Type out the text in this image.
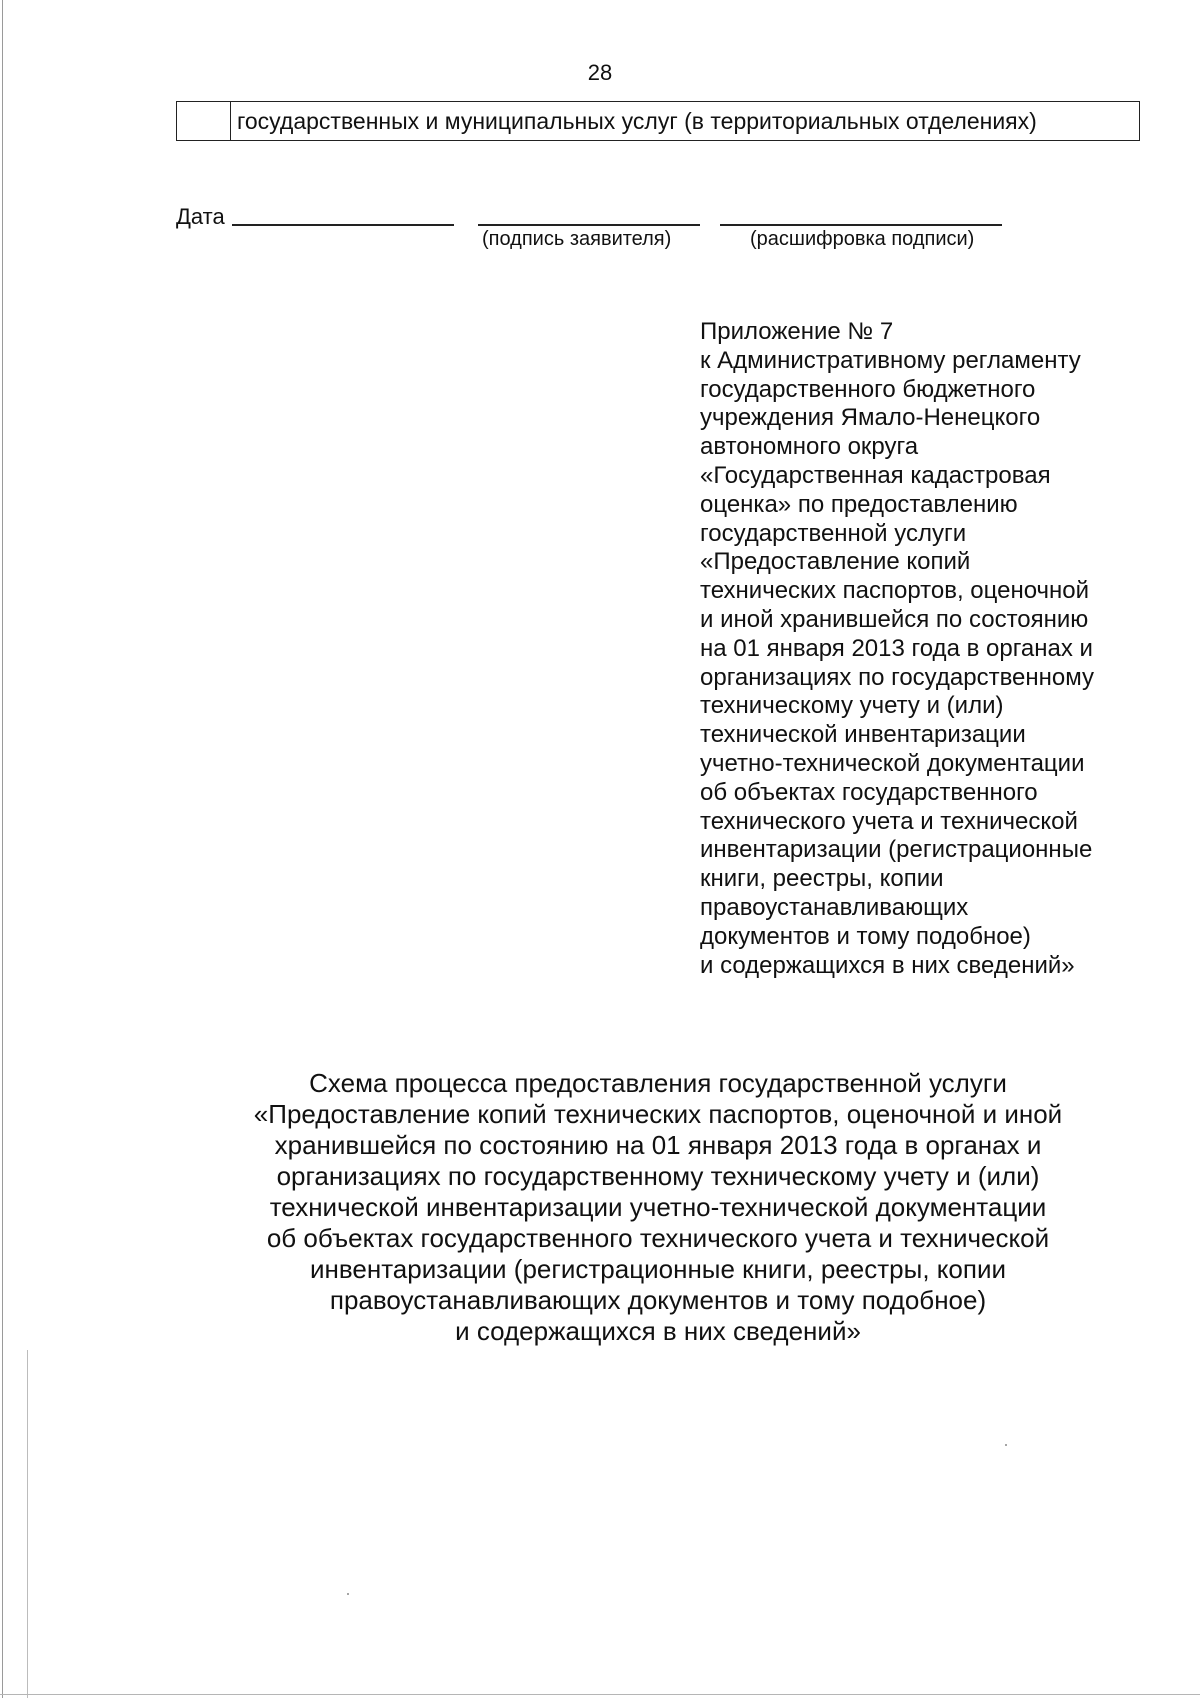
28
государственных и муниципальных услуг (в территориальных отделениях)
Дата
(подпись заявителя)	(расшифровка подписи)
Приложение № 7
к Административному регламенту
государственного бюджетного
учреждения Ямало-Ненецкого
автономного округа
«Государственная кадастровая
оценка» по предоставлению
государственной услуги
«Предоставление копий
технических паспортов, оценочной
и иной хранившейся по состоянию
на 01 января 2013 года в органах и
организациях по государственному
техническому учету и (или)
технической инвентаризации
учетно-технической документации
об объектах государственного
технического учета и технической
инвентаризации (регистрационные
книги, реестры, копии
правоустанавливающих
документов и тому подобное)
и содержащихся в них сведений»
Схема процесса предоставления государственной услуги
«Предоставление копий технических паспортов, оценочной и иной
хранившейся по состоянию на 01 января 2013 года в органах и
организациях по государственному техническому учету и (или)
технической инвентаризации учетно-технической документации
об объектах государственного технического учета и технической
инвентаризации (регистрационные книги, реестры, копии
правоустанавливающих документов и тому подобное)
и содержащихся в них сведений»
